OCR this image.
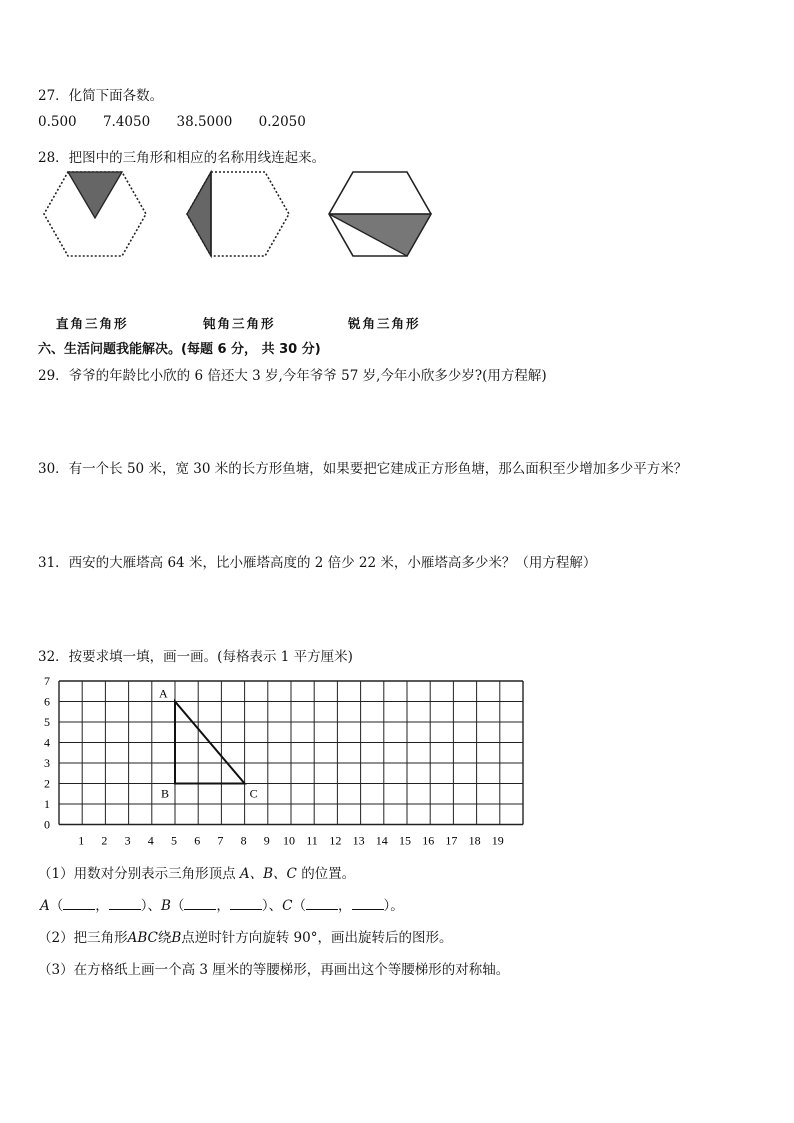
27．化简下面各数。
0.500 7.4050 38.5000 0.2050
28．把图中的三角形和相应的名称用线连起来。
直角三角形	钝角三角形	锐角三角形
六、生活问题我能解决。(每题 6 分， 共 30 分)
29．爷爷的年龄比小欣的 6 倍还大 3 岁,今年爷爷 57 岁,今年小欣多少岁?(用方程解)
30．有一个长 50 米，宽 30 米的长方形鱼塘，如果要把它建成正方形鱼塘，那么面积至少增加多少平方米？
31．西安的大雁塔高 64 米，比小雁塔高度的 2 倍少 22 米，小雁塔高多少米？（用方程解）
32．按要求填一填，画一画。(每格表示 1 平方厘米)
1 2 3 4 5 6 7 8 9 10 11 12 13 14 15 16 17 18 19
0
1
2
3
4
5
6
7
A
B	C
（1）用数对分别表示三角形顶点 A、B、C 的位置。
A（ ， ）、B（ ， ）、C（ ， ）。
（2）把三角形ABC绕B点逆时针方向旋转 90°，画出旋转后的图形。
（3）在方格纸上画一个高 3 厘米的等腰梯形，再画出这个等腰梯形的对称轴。
